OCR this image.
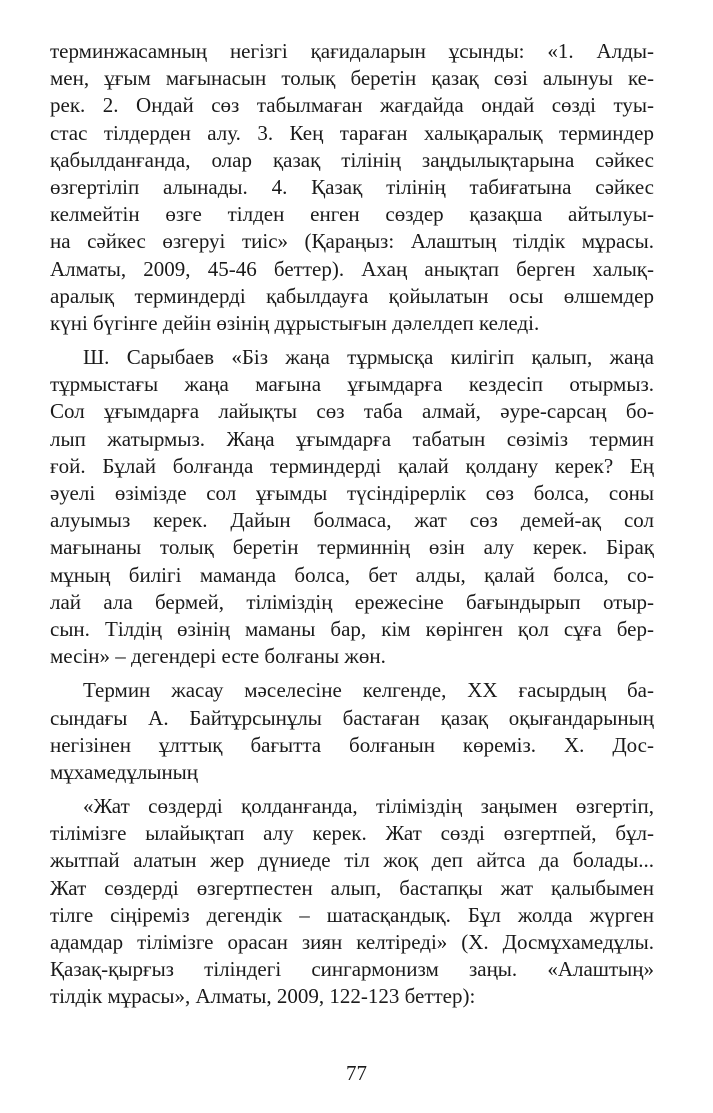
терминжасамның негізгі қағидаларын ұсынды: «1. Алды-
мен, ұғым мағынасын толық беретін қазақ сөзі алынуы ке-
рек. 2. Ондай сөз табылмаған жағдайда ондай сөзді туы-
стас тілдерден алу. 3. Кең тараған халықаралық терминдер
қабылданғанда, олар қазақ тілінің заңдылықтарына сәйкес
өзгертіліп алынады. 4. Қазақ тілінің табиғатына сәйкес
келмейтін өзге тілден енген сөздер қазақша айтылуы-
на сәйкес өзгеруі тиіс» (Қараңыз: Алаштың тілдік мұрасы.
Алматы, 2009, 45-46 беттер). Ахаң анықтап берген халық-
аралық терминдерді қабылдауға қойылатын осы өлшемдер
күні бүгінге дейін өзінің дұрыстығын дәлелдеп келеді.
Ш. Сарыбаев «Біз жаңа тұрмысқа килігіп қалып, жаңа
тұрмыстағы жаңа мағына ұғымдарға кездесіп отырмыз.
Сол ұғымдарға лайықты сөз таба алмай, әуре-сарсаң бо-
лып жатырмыз. Жаңа ұғымдарға табатын сөзіміз термин
ғой. Бұлай болғанда терминдерді қалай қолдану керек? Ең
әуелі өзімізде сол ұғымды түсіндірерлік сөз болса, соны
алуымыз керек. Дайын болмаса, жат сөз демей-ақ сол
мағынаны толық беретін терминнің өзін алу керек. Бірақ
мұның билігі маманда болса, бет алды, қалай болса, со-
лай ала бермей, тіліміздің ережесіне бағындырып отыр-
сын. Тілдің өзінің маманы бар, кім көрінген қол сұға бер-
месін» – дегендері есте болғаны жөн.
Термин жасау мәселесіне келгенде, XX ғасырдың ба-
сындағы А. Байтұрсынұлы бастаған қазақ оқығандарының
негізінен ұлттық бағытта болғанын көреміз. Х. Дос-
мұхамедұлының
«Жат сөздерді қолданғанда, тіліміздің заңымен өзгертіп,
тілімізге ылайықтап алу керек. Жат сөзді өзгертпей, бұл-
жытпай алатын жер дүниеде тіл жоқ деп айтса да болады...
Жат сөздерді өзгертпестен алып, бастапқы жат қалыбымен
тілге сіңіреміз дегендік – шатасқандық. Бұл жолда жүрген
адамдар тілімізге орасан зиян келтіреді» (Х. Досмұхамедұлы.
Қазақ-қырғыз тіліндегі сингармонизм заңы. «Алаштың»
тілдік мұрасы», Алматы, 2009, 122-123 беттер):
77
